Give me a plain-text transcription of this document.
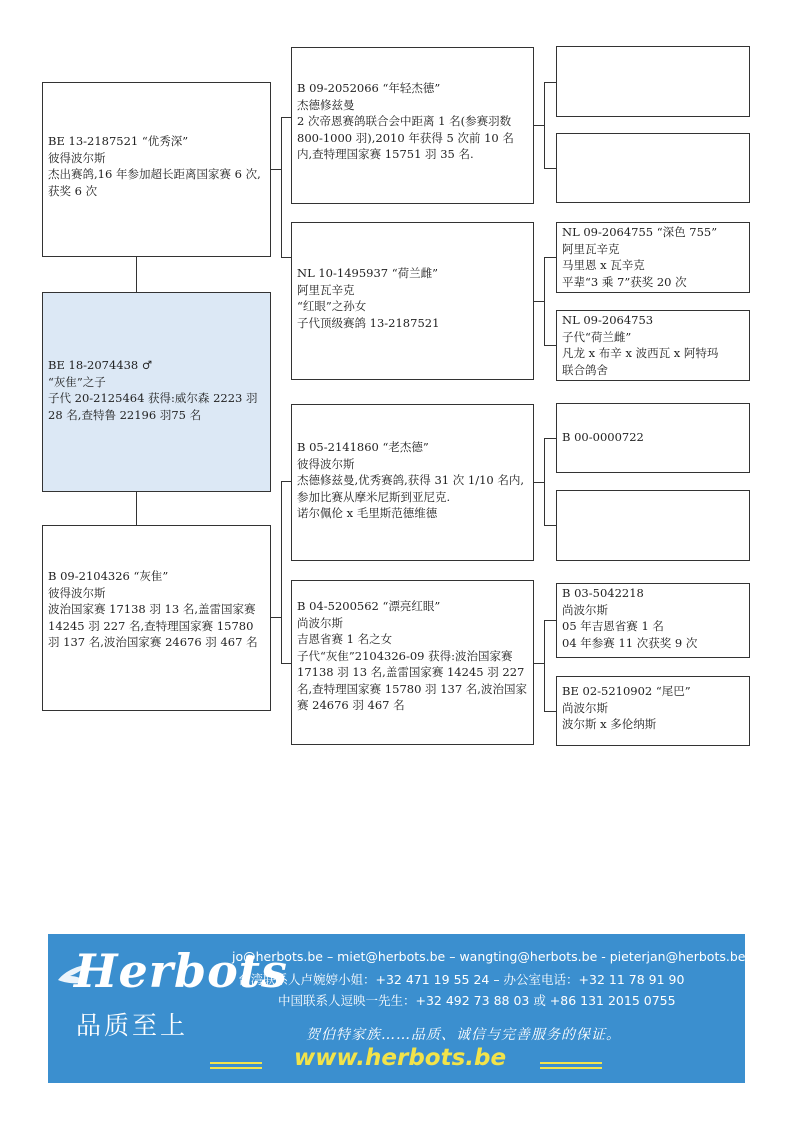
BE 13-2187521 “优秀深”
彼得波尔斯
杰出赛鸽,16 年参加超长距离国家赛 6 次,获奖 6 次
BE 18-2074438 ♂
“灰隹”之子
子代 20-2125464 获得:威尔森 2223 羽 28 名,查特鲁 22196 羽75 名
B 09-2104326 “灰隹”
彼得波尔斯
波治国家赛 17138 羽 13 名,盖雷国家赛 14245 羽 227 名,查特理国家赛 15780 羽 137 名,波治国家赛 24676 羽 467 名
B 09-2052066 “年轻杰德”
杰德修兹曼
2 次帝恩赛鸽联合会中距离 1 名(参赛羽数 800-1000 羽),2010 年获得 5 次前 10 名内,查特理国家赛 15751 羽 35 名.
NL 10-1495937 “荷兰雌”
阿里瓦辛克
“红眼”之孙女
子代顶级赛鸽 13-2187521
B 05-2141860 “老杰德”
彼得波尔斯
杰德修兹曼,优秀赛鸽,获得 31 次 1/10 名内,参加比赛从摩米尼斯到亚尼克.
诺尔佩伦 x 毛里斯范德维德
B 04-5200562 “漂亮红眼”
尚波尔斯
吉恩省赛 1 名之女
子代“灰隹”2104326-09 获得:波治国家赛 17138 羽 13 名,盖雷国家赛 14245 羽 227 名,查特理国家赛 15780 羽 137 名,波治国家赛 24676 羽 467 名
NL 09-2064755 “深色 755”
阿里瓦辛克
马里恩 x 瓦辛克
平辈“3 乘 7”获奖 20 次
NL 09-2064753
子代“荷兰雌”
凡龙 x 布辛 x 波西瓦 x 阿特玛
联合鸽舍
B 00-0000722
B 03-5042218
尚波尔斯
05 年吉恩省赛 1 名
04 年参赛 11 次获奖 9 次
BE 02-5210902 “尾巴”
尚波尔斯
波尔斯 x 多伦纳斯
Herbots
品质至上
jo@herbots.be – miet@herbots.be – wangting@herbots.be - pieterjan@herbots.be
台湾联系人卢婉婷小姐：+32 471 19 55 24 – 办公室电话：+32 11 78 91 90
中国联系人逗映一先生：+32 492 73 88 03 或 +86 131 2015 0755
贺伯特家族……品质、诚信与完善服务的保证。
www.herbots.be
